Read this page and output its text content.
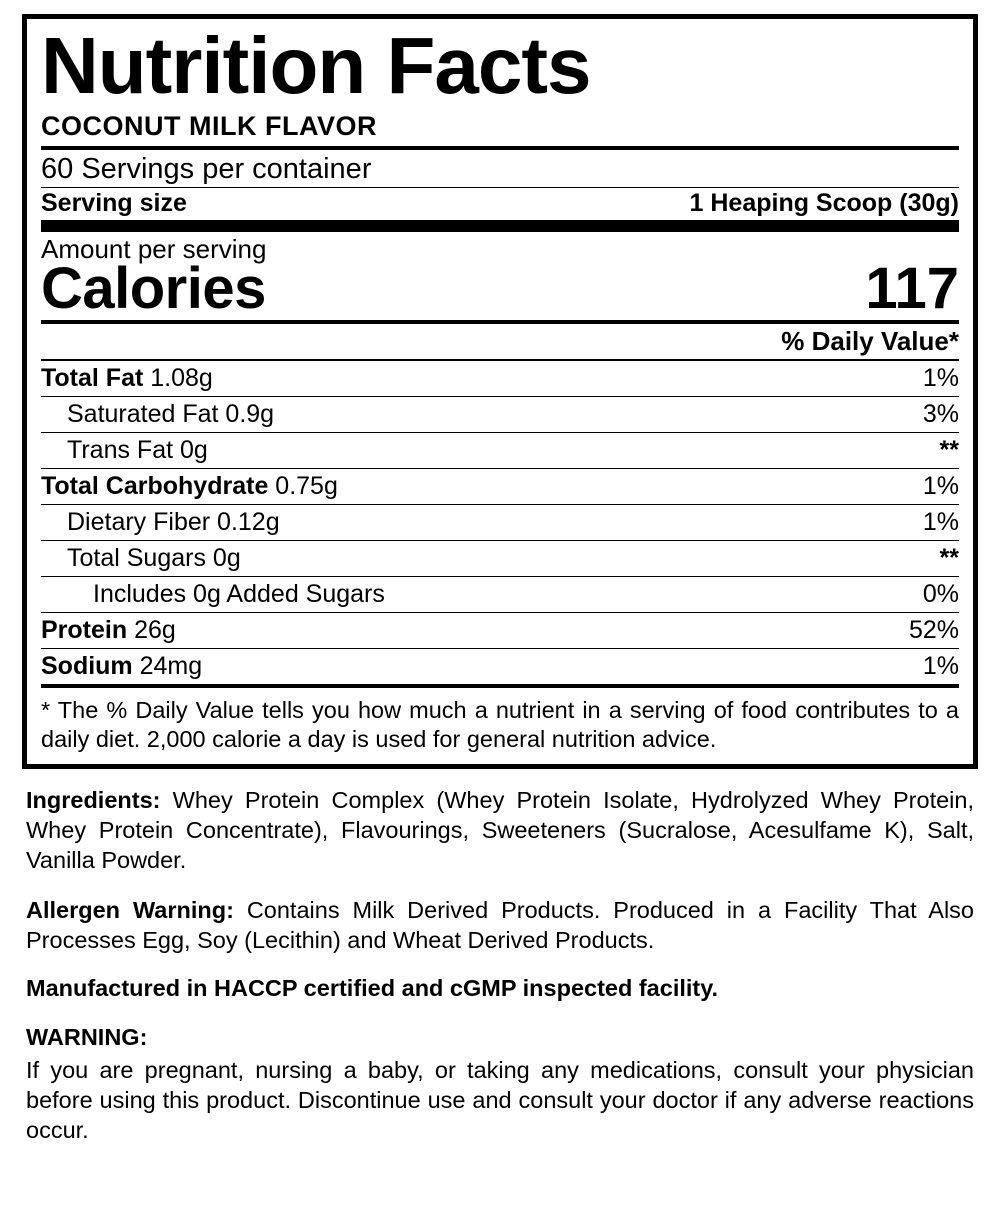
Nutrition Facts
COCONUT MILK FLAVOR
60 Servings per container
Serving size	1 Heaping Scoop (30g)
Amount per serving
Calories	117
% Daily Value*
Total Fat 1.08g	1%
Saturated Fat 0.9g	3%
Trans Fat 0g	**
Total Carbohydrate 0.75g	1%
Dietary Fiber 0.12g	1%
Total Sugars 0g	**
Includes 0g Added Sugars	0%
Protein 26g	52%
Sodium 24mg	1%
* The % Daily Value tells you how much a nutrient in a serving of food contributes to a daily diet. 2,000 calorie a day is used for general nutrition advice.
Ingredients: Whey Protein Complex (Whey Protein Isolate, Hydrolyzed Whey Protein, Whey Protein Concentrate), Flavourings, Sweeteners (Sucralose, Acesulfame K), Salt, Vanilla Powder.
Allergen Warning: Contains Milk Derived Products. Produced in a Facility That Also Processes Egg, Soy (Lecithin) and Wheat Derived Products.
Manufactured in HACCP certified and cGMP inspected facility.
WARNING:
If you are pregnant, nursing a baby, or taking any medications, consult your physician before using this product. Discontinue use and consult your doctor if any adverse reactions occur.
